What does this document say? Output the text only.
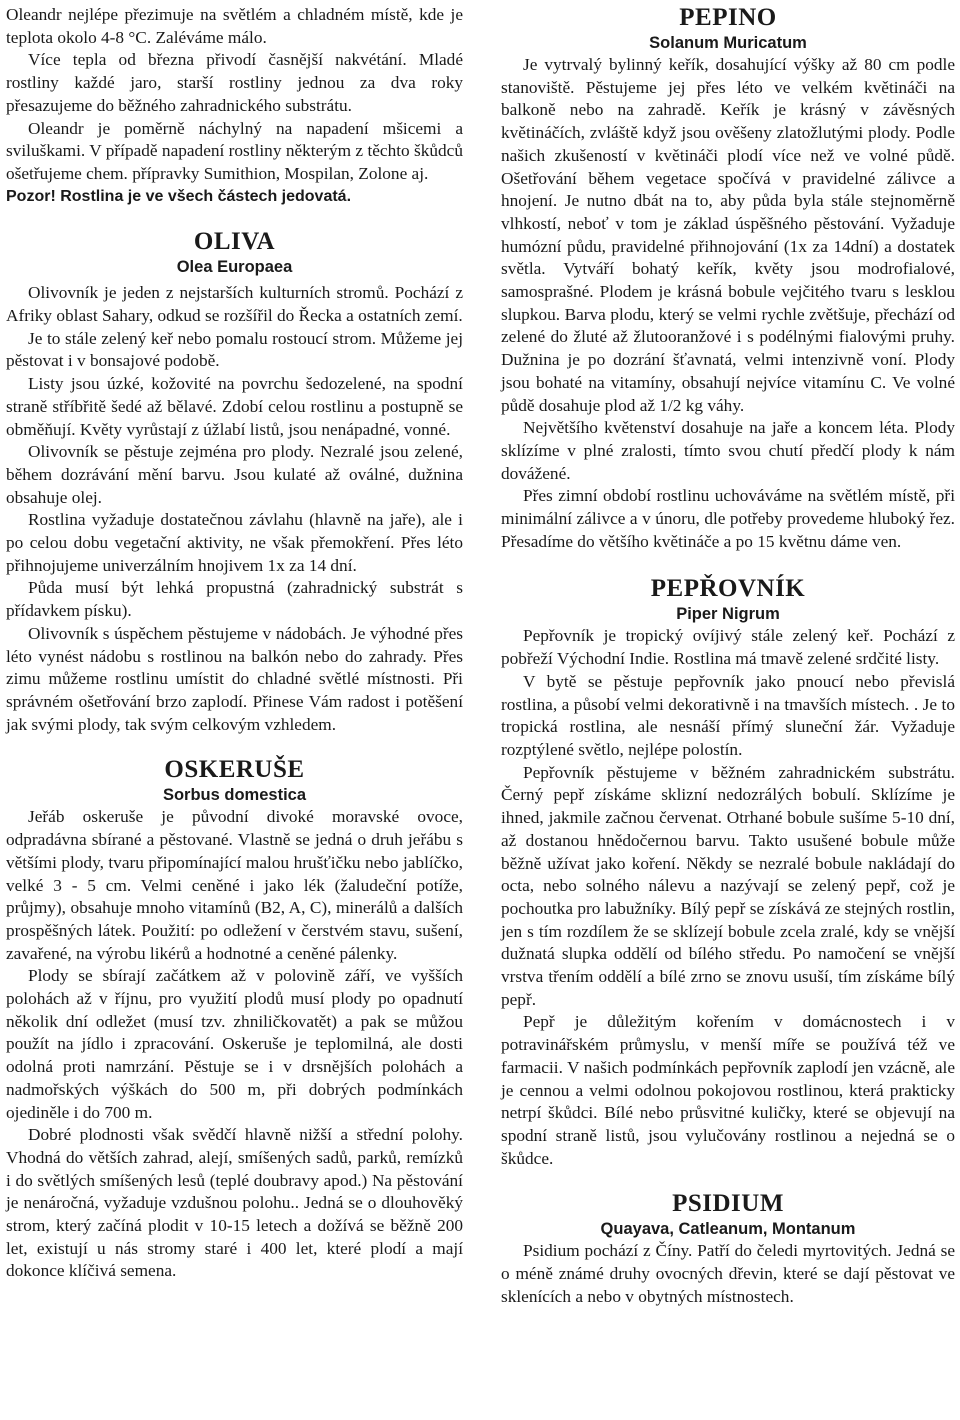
Oleandr nejlépe přezimuje na světlém a chladném místě, kde je teplota okolo 4-8 °C. Zaléváme málo.

Více tepla od března přivodí časnější nakvétání. Mladé rostliny každé jaro, starší rostliny jednou za dva roky přesazujeme do běžného zahradnického substrátu.

Oleandr je poměrně náchylný na napadení mšicemi a sviluškami. V případě napadení rostliny některým z těchto škůdců ošetřujeme chem. přípravky Sumithion, Mospilan, Zolone aj.

Pozor! Rostlina je ve všech částech jedovatá.

OLIVA
Olea Europaea

Olivovník je jeden z nejstarších kulturních stromů. Pochází z Afriky oblast Sahary, odkud se rozšířil do Řecka a ostatních zemí.

Je to stále zelený keř nebo pomalu rostoucí strom. Můžeme jej pěstovat i v bonsajové podobě.

Listy jsou úzké, kožovité na povrchu šedozelené, na spodní straně stříbřitě šedé až bělavé. Zdobí celou rostlinu a postupně se obměňují. Květy vyrůstají z úžlabí listů, jsou nenápadné, vonné.

Olivovník se pěstuje zejména pro plody. Nezralé jsou zelené, během dozrávání mění barvu. Jsou kulaté až oválné, dužnina obsahuje olej.

Rostlina vyžaduje dostatečnou závlahu (hlavně na jaře), ale i po celou dobu vegetační aktivity, ne však přemokření. Přes léto přihnojujeme univerzálním hnojivem 1x za 14 dní.

Půda musí být lehká propustná (zahradnický substrát s přídavkem písku).

Olivovník s úspěchem pěstujeme v nádobách. Je výhodné přes léto vynést nádobu s rostlinou na balkón nebo do zahrady. Přes zimu můžeme rostlinu umístit do chladné světlé místnosti. Při správném ošetřování brzo zaplodí. Přinese Vám radost i potěšení jak svými plody, tak svým celkovým vzhledem.

OSKERUŠE
Sorbus domestica

Jeřáb oskeruše je původní divoké moravské ovoce, odpradávna sbírané a pěstované. Vlastně se jedná o druh jeřábu s většími plody, tvaru připomínající malou hrušťičku nebo jablíčko, velké 3 - 5 cm. Velmi ceněné i jako lék (žaludeční potíže, průjmy), obsahuje mnoho vitamínů (B2, A, C), minerálů a dalších prospěšných látek. Použití: po odležení v čerstvém stavu, sušení, zavařené, na výrobu likérů a hodnotné a ceněné pálenky.

Plody se sbírají začátkem až v polovině září, ve vyšších polohách až v říjnu, pro využití plodů musí plody po opadnutí několik dní odležet (musí tzv. zhniličkovatět) a pak se můžou použít na jídlo i zpracování. Oskeruše je teplomilná, ale dosti odolná proti namrzání. Pěstuje se i v drsnějších polohách a nadmořských výškách do 500 m, při dobrých podmínkách ojediněle i do 700 m.

Dobré plodnosti však svědčí hlavně nižší a střední polohy. Vhodná do větších zahrad, alejí, smíšených sadů, parků, remízků i do světlých smíšených lesů (teplé doubravy apod.) Na pěstování je nenáročná, vyžaduje vzdušnou polohu.. Jedná se o dlouhověký strom, který začíná plodit v 10-15 letech a dožívá se běžně 200 let, existují u nás stromy staré i 400 let, které plodí a mají dokonce klíčivá semena.

PEPINO
Solanum Muricatum

Je vytrvalý bylinný keřík, dosahující výšky až 80 cm podle stanoviště. Pěstujeme jej přes léto ve velkém květináči na balkoně nebo na zahradě. Keřík je krásný v závěsných květináčích, zvláště když jsou ověšeny zlatožlutými plody. Podle našich zkušeností v květináči plodí více než ve volné půdě. Ošetřování během vegetace spočívá v pravidelné zálivce a hnojení. Je nutno dbát na to, aby půda byla stále stejnoměrně vlhkostí, neboť v tom je základ úspěšného pěstování. Vyžaduje humózní půdu, pravidelné přihnojování (1x za 14dní) a dostatek světla. Vytváří bohatý keřík, květy jsou modrofialové, samosprašné. Plodem je krásná bobule vejčitého tvaru s lesklou slupkou. Barva plodu, který se velmi rychle zvětšuje, přechází od zelené do žluté až žlutooranžové i s podélnými fialovými pruhy. Dužnina je po dozrání šťavnatá, velmi intenzivně voní. Plody jsou bohaté na vitamíny, obsahují nejvíce vitamínu C. Ve volné půdě dosahuje plod až 1/2 kg váhy.

Největšího květenství dosahuje na jaře a koncem léta. Plody sklízíme v plné zralosti, tímto svou chutí předčí plody k nám dovážené.

Přes zimní období rostlinu uchováváme na světlém místě, při minimální zálivce a v únoru, dle potřeby provedeme hluboký řez. Přesadíme do většího květináče a po 15 květnu dáme ven.

PEPŘOVNÍK
Piper Nigrum

Pepřovník je tropický ovíjivý stále zelený keř. Pochází z pobřeží Východní Indie. Rostlina má tmavě zelené srdčité listy.

V bytě se pěstuje pepřovník jako pnoucí nebo převislá rostlina, a působí velmi dekorativně i na tmavších místech. . Je to tropická rostlina, ale nesnáší přímý sluneční žár. Vyžaduje rozptýlené světlo, nejlépe polostín.

Pepřovník pěstujeme v běžném zahradnickém substrátu. Černý pepř získáme sklizní nedozrálých bobulí. Sklízíme je ihned, jakmile začnou červenat. Otrhané bobule sušíme 5-10 dní, až dostanou hnědočernou barvu. Takto usušené bobule může běžně užívat jako koření. Někdy se nezralé bobule nakládají do octa, nebo solného nálevu a nazývají se zelený pepř, což je pochoutka pro labužníky. Bílý pepř se získává ze stejných rostlin, jen s tím rozdílem že se sklízejí bobule zcela zralé, kdy se vnější dužnatá slupka oddělí od bílého středu. Po namočení se vnější vrstva třením oddělí a bílé zrno se znovu usuší, tím získáme bílý pepř.

Pepř je důležitým kořením v domácnostech i v potravinářském průmyslu, v menší míře se používá též ve farmacii. V našich podmínkách pepřovník zaplodí jen vzácně, ale je cennou a velmi odolnou pokojovou rostlinou, která prakticky netrpí škůdci. Bílé nebo průsvitné kuličky, které se objevují na spodní straně listů, jsou vylučovány rostlinou a nejedná se o škůdce.

PSIDIUM
Quayava, Catleanum, Montanum

Psidium pochází z Číny. Patří do čeledi myrtovitých. Jedná se o méně známé druhy ovocných dřevin, které se dají pěstovat ve sklenících a nebo v obytných místnostech.
